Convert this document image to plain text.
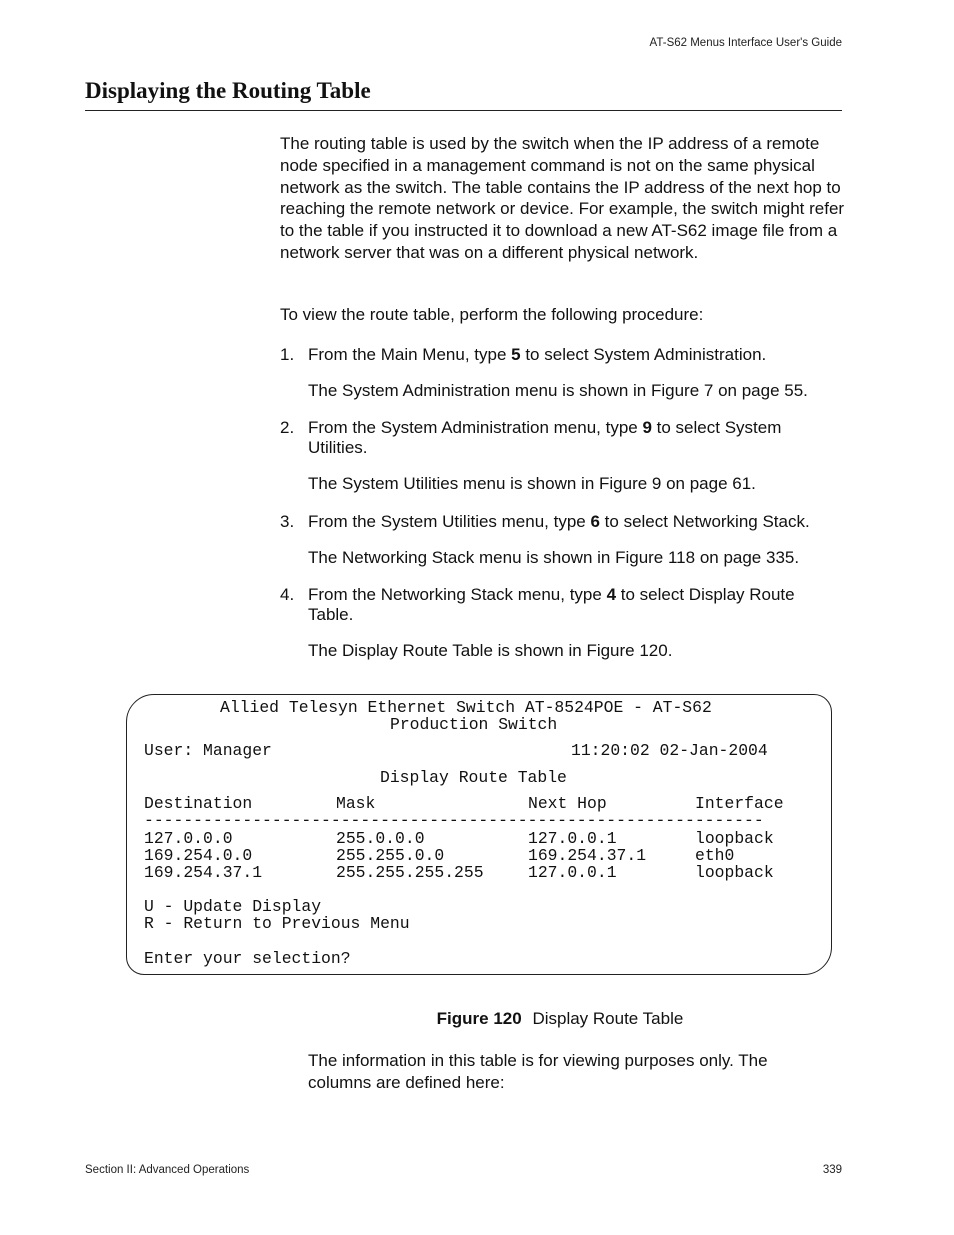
AT-S62 Menus Interface User's Guide
Displaying the Routing Table
The routing table is used by the switch when the IP address of a remote node specified in a management command is not on the same physical network as the switch. The table contains the IP address of the next hop to reaching the remote network or device. For example, the switch might refer to the table if you instructed it to download a new AT-S62 image file from a network server that was on a different physical network.
To view the route table, perform the following procedure:
1. From the Main Menu, type 5 to select System Administration.
The System Administration menu is shown in Figure 7 on page 55.
2. From the System Administration menu, type 9 to select System Utilities.
The System Utilities menu is shown in Figure 9 on page 61.
3. From the System Utilities menu, type 6 to select Networking Stack.
The Networking Stack menu is shown in Figure 118 on page 335.
4. From the Networking Stack menu, type 4 to select Display Route Table.
The Display Route Table is shown in Figure 120.
Allied Telesyn Ethernet Switch AT-8524POE - AT-S62
Production Switch
User: Manager	11:20:02 02-Jan-2004
Display Route Table
Destination	Mask	Next Hop	Interface
---------------------------------------------------------------
127.0.0.0	255.0.0.0	127.0.0.1	loopback
169.254.0.0	255.255.0.0	169.254.37.1	eth0
169.254.37.1	255.255.255.255	127.0.0.1	loopback
U - Update Display
R - Return to Previous Menu
Enter your selection?
Figure 120 Display Route Table
The information in this table is for viewing purposes only. The columns are defined here:
Section II: Advanced Operations	339
